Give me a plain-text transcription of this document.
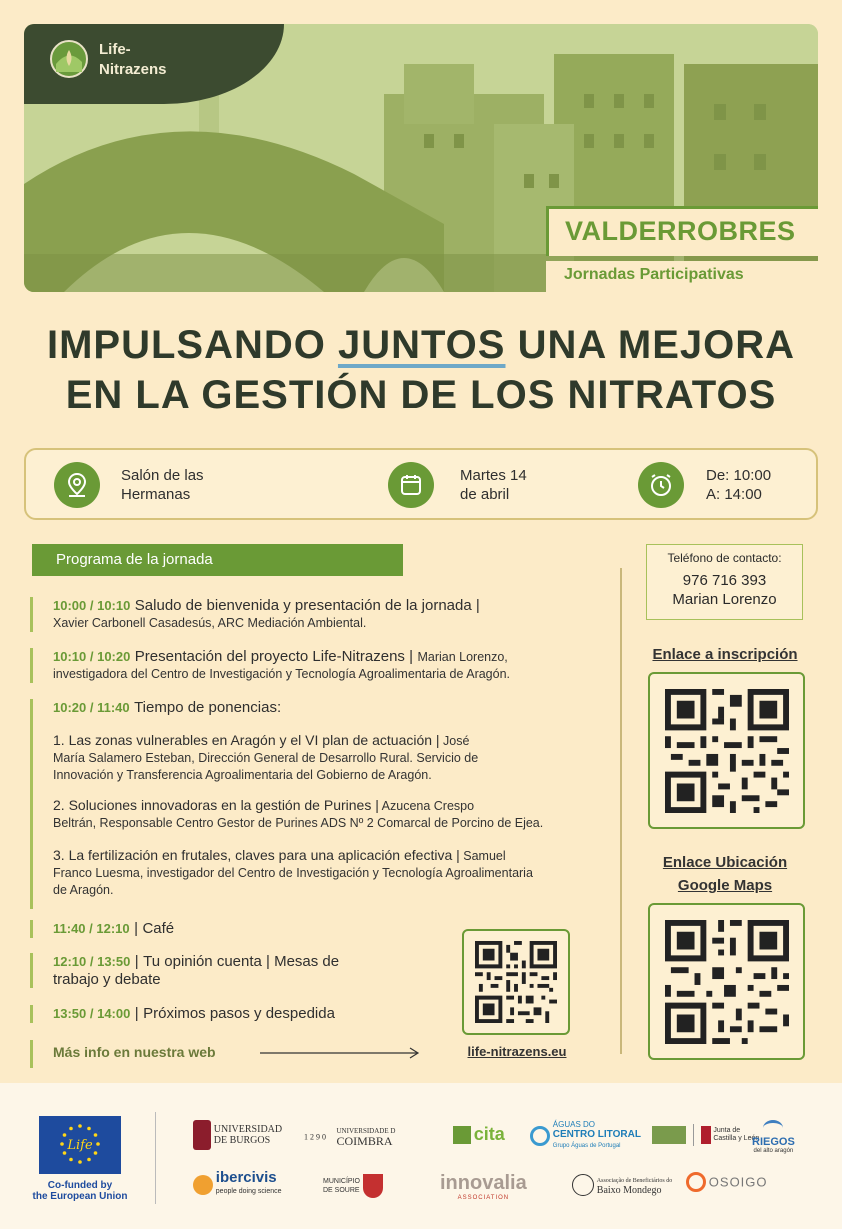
Life-
Nitrazens
VALDERROBRES
Jornadas Participativas
IMPULSANDO JUNTOS UNA MEJORA
EN LA GESTIÓN DE LOS NITRATOS
Salón de las
Hermanas
Martes 14
de abril
De: 10:00
A: 14:00
Programa de la jornada
10:00 / 10:10 Saludo de bienvenida y presentación de la jornada |
Xavier Carbonell Casadesús, ARC Mediación Ambiental.
10:10 / 10:20 Presentación del proyecto Life-Nitrazens | Marian Lorenzo,
investigadora del Centro de Investigación y Tecnología Agroalimentaria de Aragón.
10:20 / 11:40 Tiempo de ponencias:
1. Las zonas vulnerables en Aragón y el VI plan de actuación | José
María Salamero Esteban, Dirección General de Desarrollo Rural. Servicio de
Innovación y Transferencia Agroalimentaria del Gobierno de Aragón.
2. Soluciones innovadoras en la gestión de Purines | Azucena Crespo
Beltrán, Responsable Centro Gestor de Purines ADS Nº 2 Comarcal de Porcino de Ejea.
3. La fertilización en frutales, claves para una aplicación efectiva | Samuel
Franco Luesma, investigador del Centro de Investigación y Tecnología Agroalimentaria
de Aragón.
11:40 / 12:10 | Café
12:10 / 13:50 | Tu opinión cuenta | Mesas de
trabajo y debate
13:50 / 14:00 | Próximos pasos y despedida
Más info en nuestra web	life-nitrazens.eu
Teléfono de contacto:
976 716 393
Marian Lorenzo
Enlace a inscripción
Enlace Ubicación
Google Maps
Life
Co-funded by
the European Union
UNIVERSIDAD
DE BURGOS	1 2 9 0 UNIVERSIDADE D
COIMBRA	cita	ÁGUAS DO
CENTRO LITORAL
Grupo Águas de Portugal
Junta de
Castilla y León
RIEGOS
del alto aragón
ibercivis
people doing science
MUNICÍPIO
DE SOURE	innovalia
ASSOCIATION
Associação de Beneficiários do
Baixo Mondego
OSOIGO
